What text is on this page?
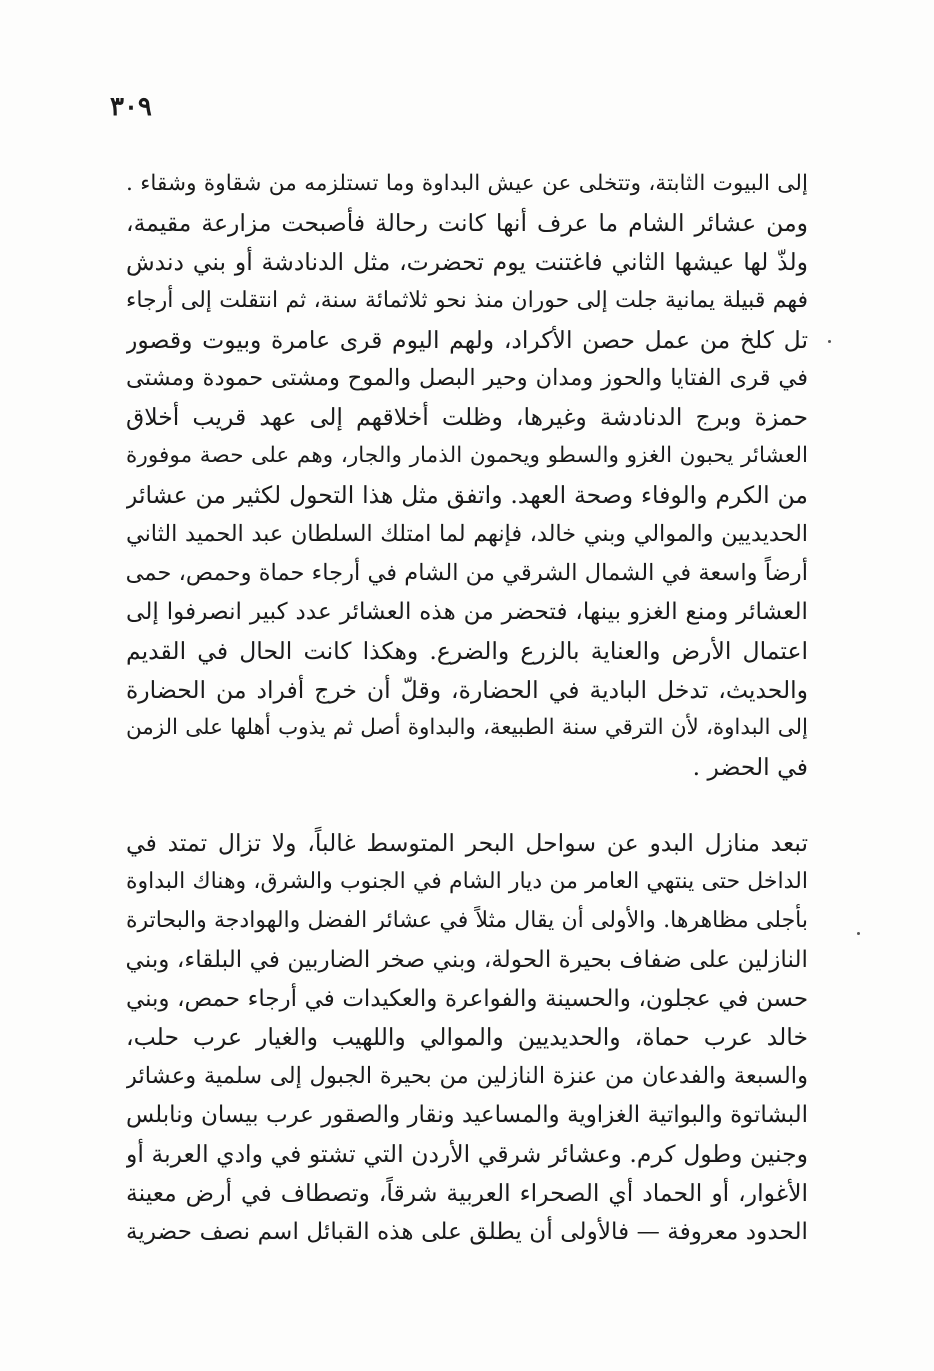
٣٠٩
إلى البيوت الثابتة، وتتخلى عن عيش البداوة وما تستلزمه من شقاوة وشقاء .
ومن عشائر الشام ما عرف أنها كانت رحالة فأصبحت مزارعة مقيمة،
ولذّ لها عيشها الثاني فاغتنت يوم تحضرت، مثل الدنادشة أو بني دندش
فهم قبيلة يمانية جلت إلى حوران منذ نحو ثلاثمائة سنة، ثم انتقلت إلى أرجاء
تل كلخ من عمل حصن الأكراد، ولهم اليوم قرى عامرة وبيوت وقصور
في قرى الفتايا والحوز ومدان وحير البصل والموح ومشتى حمودة ومشتى
حمزة وبرج الدنادشة وغيرها، وظلت أخلاقهم إلى عهد قريب أخلاق
العشائر يحبون الغزو والسطو ويحمون الذمار والجار، وهم على حصة موفورة
من الكرم والوفاء وصحة العهد. واتفق مثل هذا التحول لكثير من عشائر
الحديديين والموالي وبني خالد، فإنهم لما امتلك السلطان عبد الحميد الثاني
أرضاً واسعة في الشمال الشرقي من الشام في أرجاء حماة وحمص، حمى
العشائر ومنع الغزو بينها، فتحضر من هذه العشائر عدد كبير انصرفوا إلى
اعتمال الأرض والعناية بالزرع والضرع. وهكذا كانت الحال في القديم
والحديث، تدخل البادية في الحضارة، وقلّ أن خرج أفراد من الحضارة
إلى البداوة، لأن الترقي سنة الطبيعة، والبداوة أصل ثم يذوب أهلها على الزمن
في الحضر .
تبعد منازل البدو عن سواحل البحر المتوسط غالباً، ولا تزال تمتد في
الداخل حتى ينتهي العامر من ديار الشام في الجنوب والشرق، وهناك البداوة
بأجلى مظاهرها. والأولى أن يقال مثلاً في عشائر الفضل والهوادجة والبحاترة
النازلين على ضفاف بحيرة الحولة، وبني صخر الضاربين في البلقاء، وبني
حسن في عجلون، والحسينة والفواعرة والعكيدات في أرجاء حمص، وبني
خالد عرب حماة، والحديديين والموالي واللهيب والغيار عرب حلب،
والسبعة والفدعان من عنزة النازلين من بحيرة الجبول إلى سلمية وعشائر
البشاتوة والبواتية الغزاوية والمساعيد ونقار والصقور عرب بيسان ونابلس
وجنين وطول كرم. وعشائر شرقي الأردن التي تشتو في وادي العربة أو
الأغوار، أو الحماد أي الصحراء العربية شرقاً، وتصطاف في أرض معينة
الحدود معروفة — فالأولى أن يطلق على هذه القبائل اسم نصف حضرية
